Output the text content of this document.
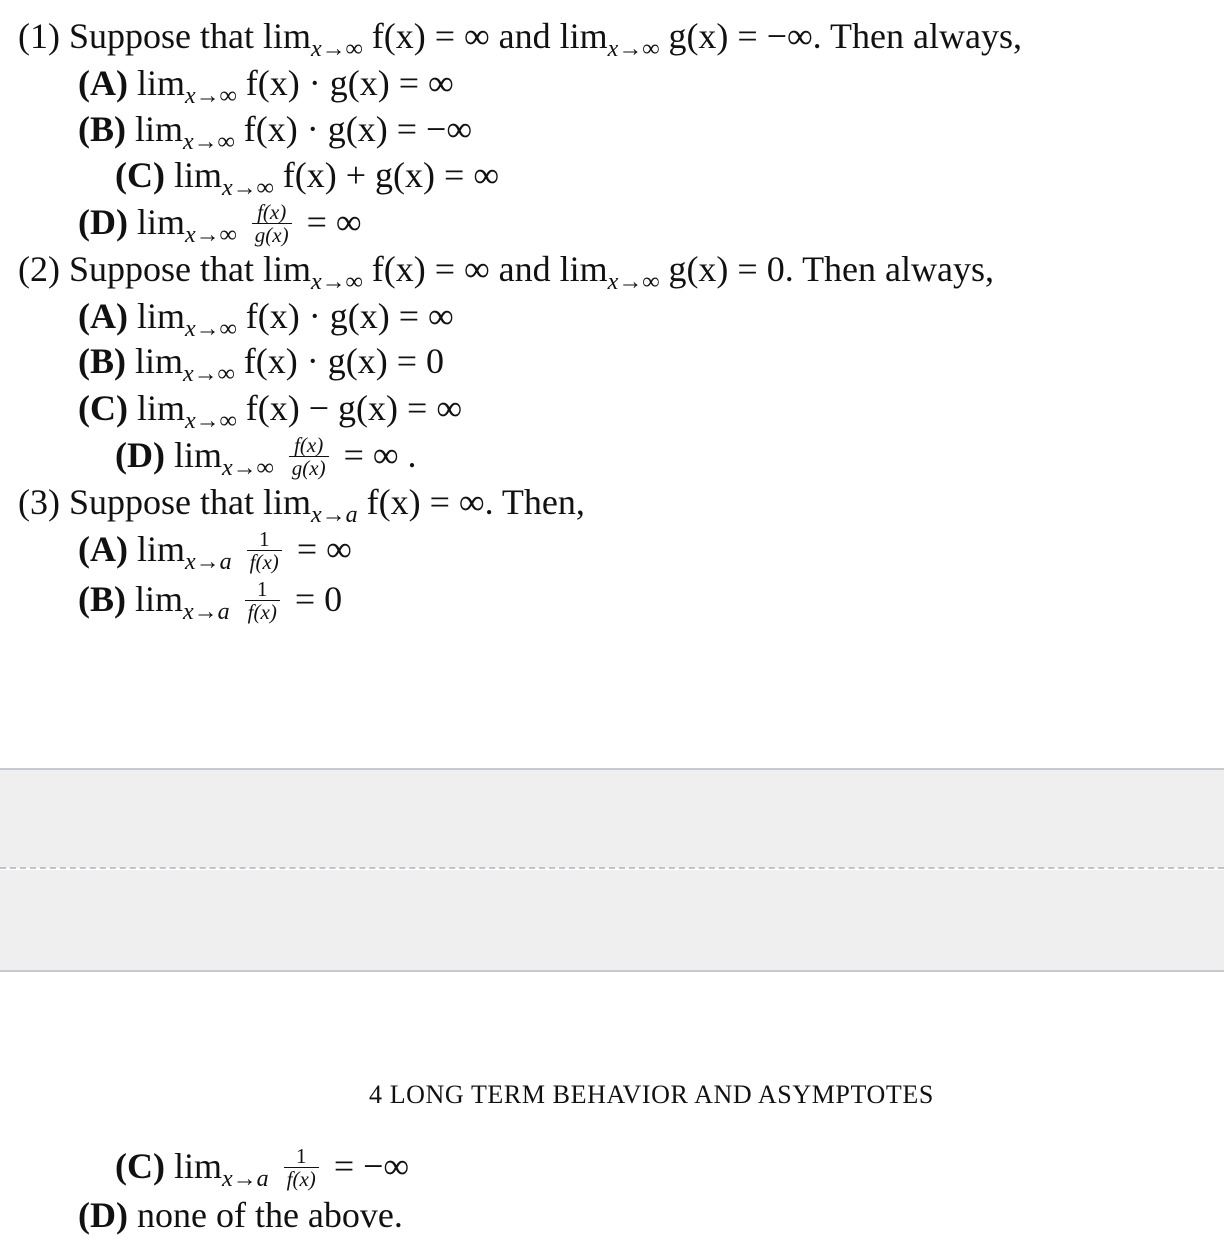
(1) Suppose that $\lim_{x\to\infty} f(x)$ = ∞ and $\lim_{x\to\infty} g(x)$ = −∞. Then always,
(A) $\lim_{x\to\infty} f(x) \cdot g(x)$ = ∞
(B) $\lim_{x\to\infty} f(x) \cdot g(x)$ = −∞
(C) $\lim_{x\to\infty} f(x) + g(x)$ = ∞
(D) $\lim_{x\to\infty} \frac{f(x)}{g(x)}$ = ∞
(2) Suppose that $\lim_{x\to\infty} f(x)$ = ∞ and $\lim_{x\to\infty} g(x) = 0$. Then always,
(A) $\lim_{x\to\infty} f(x) \cdot g(x)$ = ∞
(B) $\lim_{x\to\infty} f(x) \cdot g(x) = 0$
(C) $\lim_{x\to\infty} f(x) - g(x)$ = ∞
(D) $\lim_{x\to\infty} \frac{f(x)}{g(x)}$ = ∞ .
(3) Suppose that $\lim_{x\to a} f(x)$ = ∞. Then,
(A) $\lim_{x\to a} \frac{1}{f(x)}$ = ∞
(B) $\lim_{x\to a} \frac{1}{f(x)} = 0$
4 LONG TERM BEHAVIOR AND ASYMPTOTES
(C) $\lim_{x\to a} \frac{1}{f(x)}$ = −∞
(D) none of the above.
